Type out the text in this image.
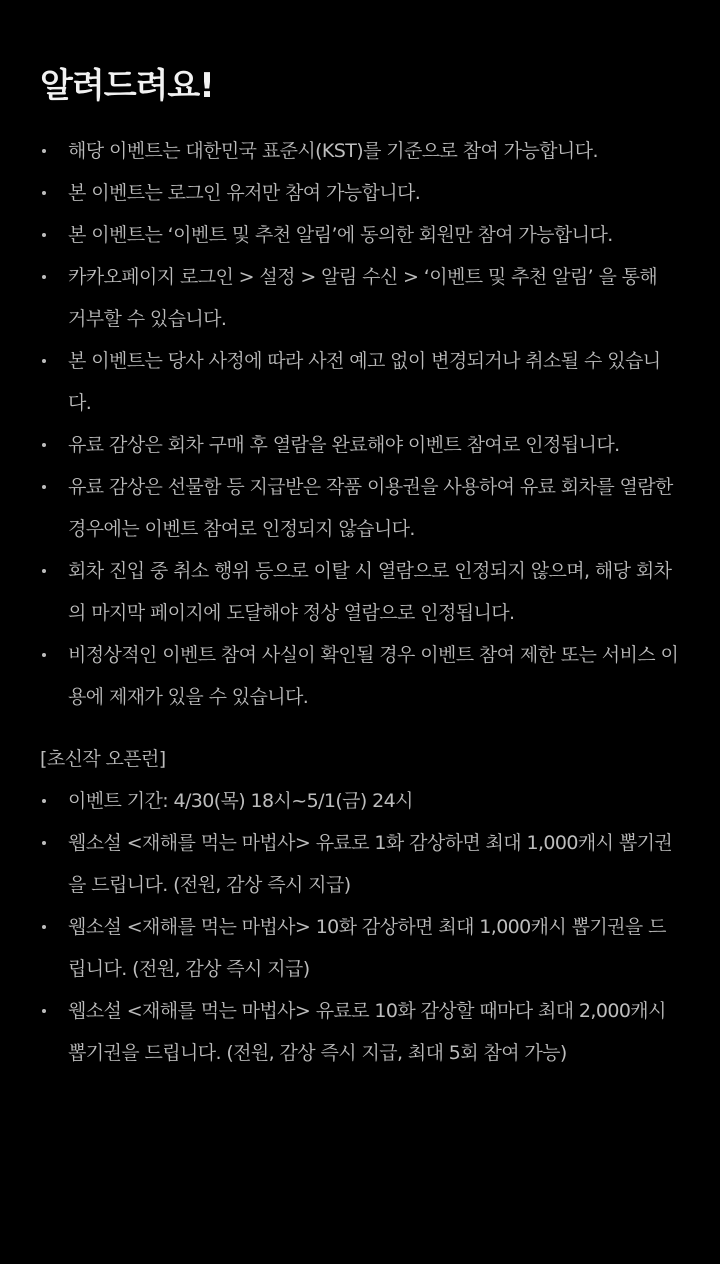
알려드려요!
해당 이벤트는 대한민국 표준시(KST)를 기준으로 참여 가능합니다.
본 이벤트는 로그인 유저만 참여 가능합니다.
본 이벤트는 ‘이벤트 및 추천 알림’에 동의한 회원만 참여 가능합니다.
카카오페이지 로그인 > 설정 > 알림 수신 > ‘이벤트 및 추천 알림’ 을 통해 거부할 수 있습니다.
본 이벤트는 당사 사정에 따라 사전 예고 없이 변경되거나 취소될 수 있습니다.
유료 감상은 회차 구매 후 열람을 완료해야 이벤트 참여로 인정됩니다.
유료 감상은 선물함 등 지급받은 작품 이용권을 사용하여 유료 회차를 열람한 경우에는 이벤트 참여로 인정되지 않습니다.
회차 진입 중 취소 행위 등으로 이탈 시 열람으로 인정되지 않으며, 해당 회차의 마지막 페이지에 도달해야 정상 열람으로 인정됩니다.
비정상적인 이벤트 참여 사실이 확인될 경우 이벤트 참여 제한 또는 서비스 이용에 제재가 있을 수 있습니다.
[초신작 오픈런]
이벤트 기간: 4/30(목) 18시~5/1(금) 24시
웹소설 <재해를 먹는 마법사> 유료로 1화 감상하면 최대 1,000캐시 뽑기권을 드립니다. (전원, 감상 즉시 지급)
웹소설 <재해를 먹는 마법사> 10화 감상하면 최대 1,000캐시 뽑기권을 드립니다. (전원, 감상 즉시 지급)
웹소설 <재해를 먹는 마법사> 유료로 10화 감상할 때마다 최대 2,000캐시 뽑기권을 드립니다. (전원, 감상 즉시 지급, 최대 5회 참여 가능)
